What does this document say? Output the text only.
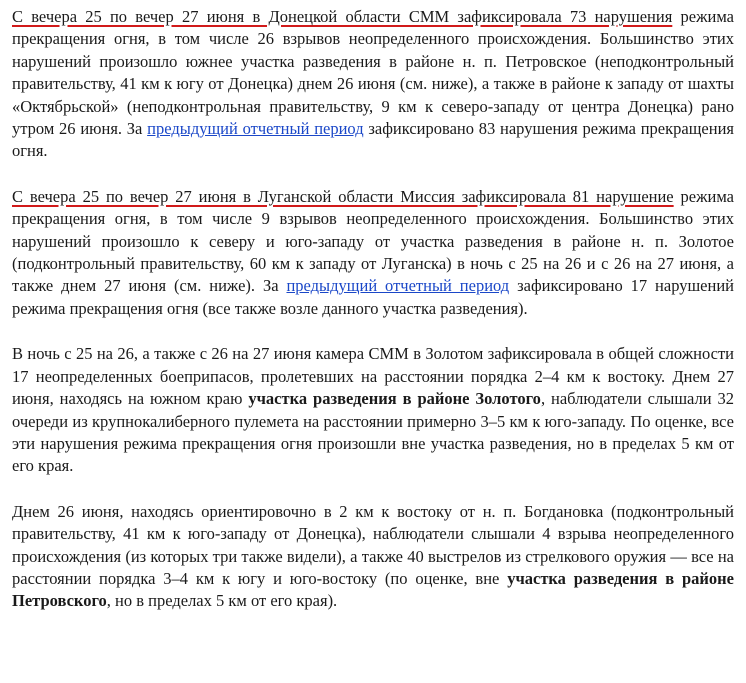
С вечера 25 по вечер 27 июня в Донецкой области СММ зафиксировала 73 нарушения режима прекращения огня, в том числе 26 взрывов неопределенного происхождения. Большинство этих нарушений произошло южнее участка разведения в районе н. п. Петровское (неподконтрольный правительству, 41 км к югу от Донецка) днем 26 июня (см. ниже), а также в районе к западу от шахты «Октябрьской» (неподконтрольная правительству, 9 км к северо-западу от центра Донецка) рано утром 26 июня. За предыдущий отчетный период зафиксировано 83 нарушения режима прекращения огня.

С вечера 25 по вечер 27 июня в Луганской области Миссия зафиксировала 81 нарушение режима прекращения огня, в том числе 9 взрывов неопределенного происхождения. Большинство этих нарушений произошло к северу и юго-западу от участка разведения в районе н. п. Золотое (подконтрольный правительству, 60 км к западу от Луганска) в ночь с 25 на 26 и с 26 на 27 июня, а также днем 27 июня (см. ниже). За предыдущий отчетный период зафиксировано 17 нарушений режима прекращения огня (все также возле данного участка разведения).

В ночь с 25 на 26, а также с 26 на 27 июня камера СММ в Золотом зафиксировала в общей сложности 17 неопределенных боеприпасов, пролетевших на расстоянии порядка 2–4 км к востоку. Днем 27 июня, находясь на южном краю участка разведения в районе Золотого, наблюдатели слышали 32 очереди из крупнокалиберного пулемета на расстоянии примерно 3–5 км к юго-западу. По оценке, все эти нарушения режима прекращения огня произошли вне участка разведения, но в пределах 5 км от его края.

Днем 26 июня, находясь ориентировочно в 2 км к востоку от н. п. Богдановка (подконтрольный правительству, 41 км к юго-западу от Донецка), наблюдатели слышали 4 взрыва неопределенного происхождения (из которых три также видели), а также 40 выстрелов из стрелкового оружия — все на расстоянии порядка 3–4 км к югу и юго-востоку (по оценке, вне участка разведения в районе Петровского, но в пределах 5 км от его края).
